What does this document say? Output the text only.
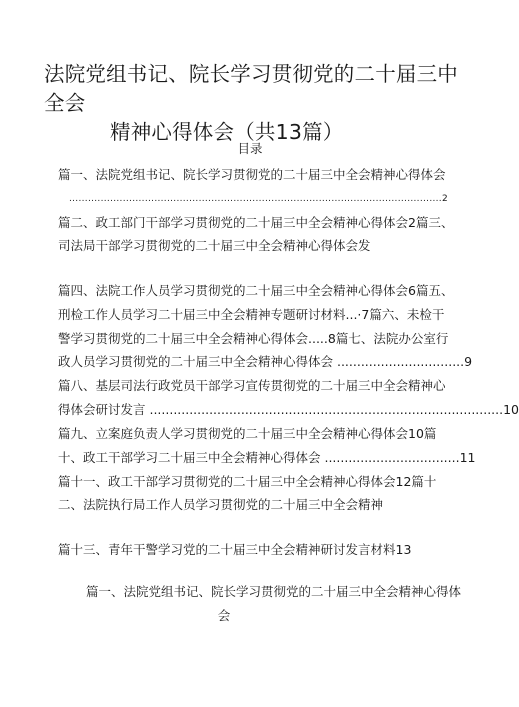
法院党组书记、院长学习贯彻党的二十届三中全会
精神心得体会（共13篇）
目录
篇一、法院党组书记、院长学习贯彻党的二十届三中全会精神心得体会
......................................................................................................................2
篇二、政工部门干部学习贯彻党的二十届三中全会精神心得体会2篇三、
司法局干部学习贯彻党的二十届三中全会精神心得体会发
篇四、法院工作人员学习贯彻党的二十届三中全会精神心得体会6篇五、
刑检工作人员学习二十届三中全会精神专题研讨材料...·7篇六、未检干
警学习贯彻党的二十届三中全会精神心得体会.....8篇七、法院办公室行
政人员学习贯彻党的二十届三中全会精神心得体会 ................................9
篇八、基层司法行政党员干部学习宣传贯彻党的二十届三中全会精神心
得体会研讨发言 .........................................................................................10
篇九、立案庭负责人学习贯彻党的二十届三中全会精神心得体会10篇
十、政工干部学习二十届三中全会精神心得体会 ..................................11
篇十一、政工干部学习贯彻党的二十届三中全会精神心得体会12篇十
二、法院执行局工作人员学习贯彻党的二十届三中全会精神
篇十三、青年干警学习党的二十届三中全会精神研讨发言材料13
篇一、法院党组书记、院长学习贯彻党的二十届三中全会精神心得体
会
